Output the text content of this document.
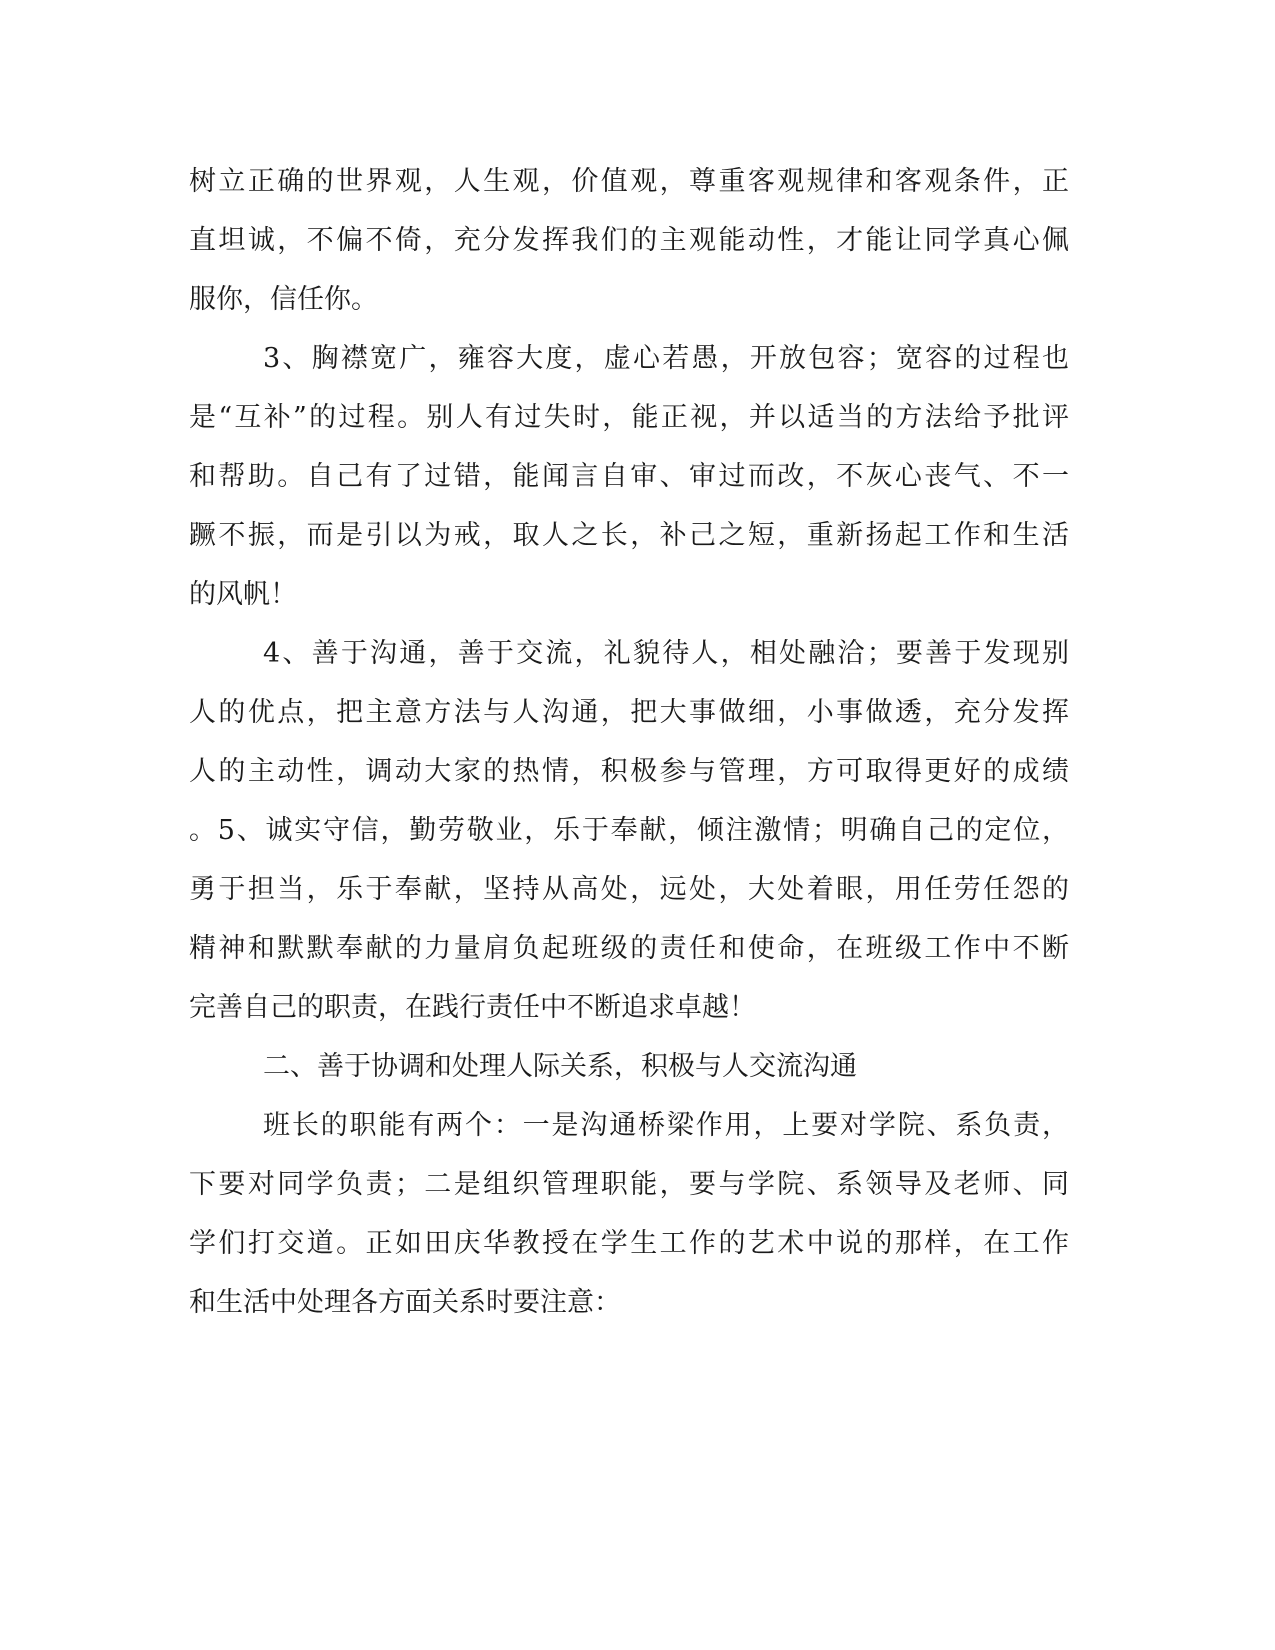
树立正确的世界观，人生观，价值观，尊重客观规律和客观条件，正
直坦诚，不偏不倚，充分发挥我们的主观能动性，才能让同学真心佩
服你，信任你。
3、胸襟宽广，雍容大度，虚心若愚，开放包容；宽容的过程也
是“互补”的过程。别人有过失时，能正视，并以适当的方法给予批评
和帮助。自己有了过错，能闻言自审、审过而改，不灰心丧气、不一
蹶不振，而是引以为戒，取人之长，补己之短，重新扬起工作和生活
的风帆！
4、善于沟通，善于交流，礼貌待人，相处融洽；要善于发现别
人的优点，把主意方法与人沟通，把大事做细，小事做透，充分发挥
人的主动性，调动大家的热情，积极参与管理，方可取得更好的成绩
。5、诚实守信，勤劳敬业，乐于奉献，倾注激情；明确自己的定位，
勇于担当，乐于奉献，坚持从高处，远处，大处着眼，用任劳任怨的
精神和默默奉献的力量肩负起班级的责任和使命，在班级工作中不断
完善自己的职责，在践行责任中不断追求卓越！
二、善于协调和处理人际关系，积极与人交流沟通
班长的职能有两个：一是沟通桥梁作用，上要对学院、系负责，
下要对同学负责；二是组织管理职能，要与学院、系领导及老师、同
学们打交道。正如田庆华教授在学生工作的艺术中说的那样，在工作
和生活中处理各方面关系时要注意：
